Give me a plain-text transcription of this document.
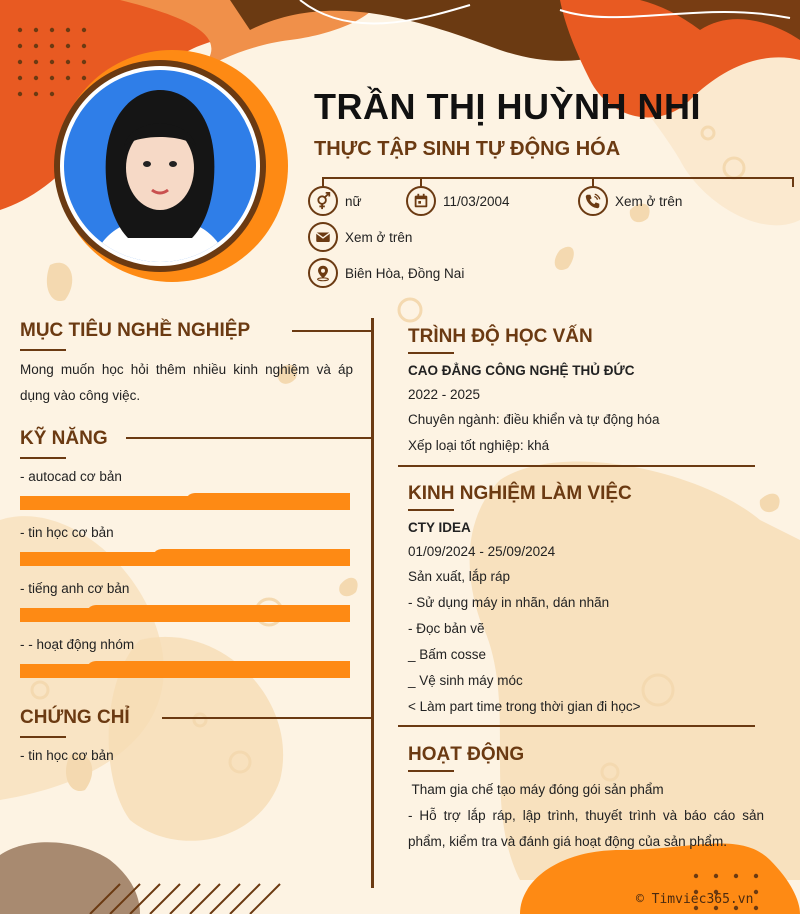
TRẦN THỊ HUỲNH NHI
THỰC TẬP SINH TỰ ĐỘNG HÓA
nữ	11/03/2004	Xem ở trên
Xem ở trên
Biên Hòa, Đồng Nai
MỤC TIÊU NGHỀ NGHIỆP
Mong muốn học hỏi thêm nhiều kinh nghiệm và áp dụng vào công việc.
KỸ NĂNG
- autocad cơ bản
- tin học cơ bản
- tiếng anh cơ bản
- - hoạt động nhóm
CHỨNG CHỈ
- tin học cơ bản
TRÌNH ĐỘ HỌC VẤN
CAO ĐẲNG CÔNG NGHỆ THỦ ĐỨC
2022 - 2025
Chuyên ngành: điều khiển và tự động hóa
Xếp loại tốt nghiệp: khá
KINH NGHIỆM LÀM VIỆC
CTY IDEA
01/09/2024 - 25/09/2024
Sản xuất, lắp ráp
- Sử dụng máy in nhãn, dán nhãn
- Đọc bản vẽ
_ Bấm cosse
_ Vệ sinh máy móc
< Làm part time trong thời gian đi học>
HOẠT ĐỘNG
Tham gia chế tạo máy đóng gói sản phẩm
- Hỗ trợ lắp ráp, lập trình, thuyết trình và báo cáo sản phẩm, kiểm tra và đánh giá hoạt động của sản phẩm.
© Timviec365.vn
